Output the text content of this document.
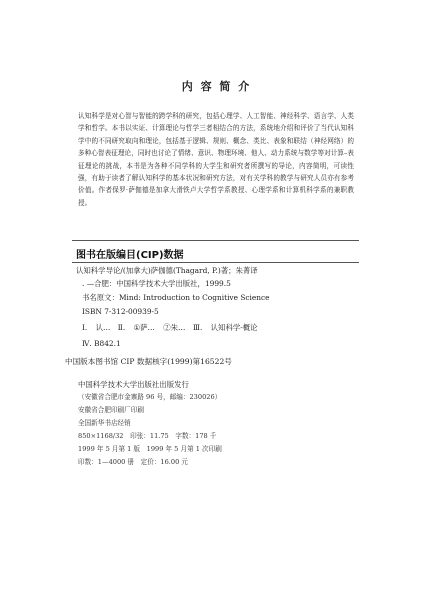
内 容 简 介

认知科学是对心智与智能的跨学科的研究，包括心理学、人工智能、神经科学、语言学、人类学和哲学。本书以实证、计算理论与哲学三者相结合的方法，系统地介绍和评价了当代认知科学中的不同研究取向和理论，包括基于逻辑、规则、概念、类比、表象和联结（神经网络）的多种心智表征理论，同时也讨论了情绪、意识、物理环境、他人、动力系统与数学等对计算–表征理论的挑战，本书是为各种不同学科的大学生和研究者所撰写的导论，内容简明，可读性强，有助于读者了解认知科学的基本状况和研究方法，对有关学科的教学与研究人员亦有参考价值。作者保罗·萨伽德是加拿大滑铁卢大学哲学系教授、心理学系和计算机科学系的兼职教授。

图书在版编目(CIP)数据
认知科学导论/(加拿大)萨伽德(Thagard, P.)著；朱菁译
. —合肥：中国科学技术大学出版社，1999.5
书名原文：Mind: Introduction to Cognitive Science
ISBN 7-312-00939-5
Ⅰ. 认…　Ⅱ. ①萨… ②朱…　Ⅲ. 认知科学-概论
Ⅳ. B842.1
中国版本图书馆 CIP 数据核字(1999)第16522号
中国科学技术大学出版社出版发行
（安徽省合肥市金寨路 96 号，邮编：230026）
安徽省合肥印刷厂印刷
全国新华书店经销
850×1168/32　印张：11.75　字数：178 千
1999 年 5 月第 1 版　1999 年 5 月第 1 次印刷
印数：1—4000 册　定价：16.00 元
